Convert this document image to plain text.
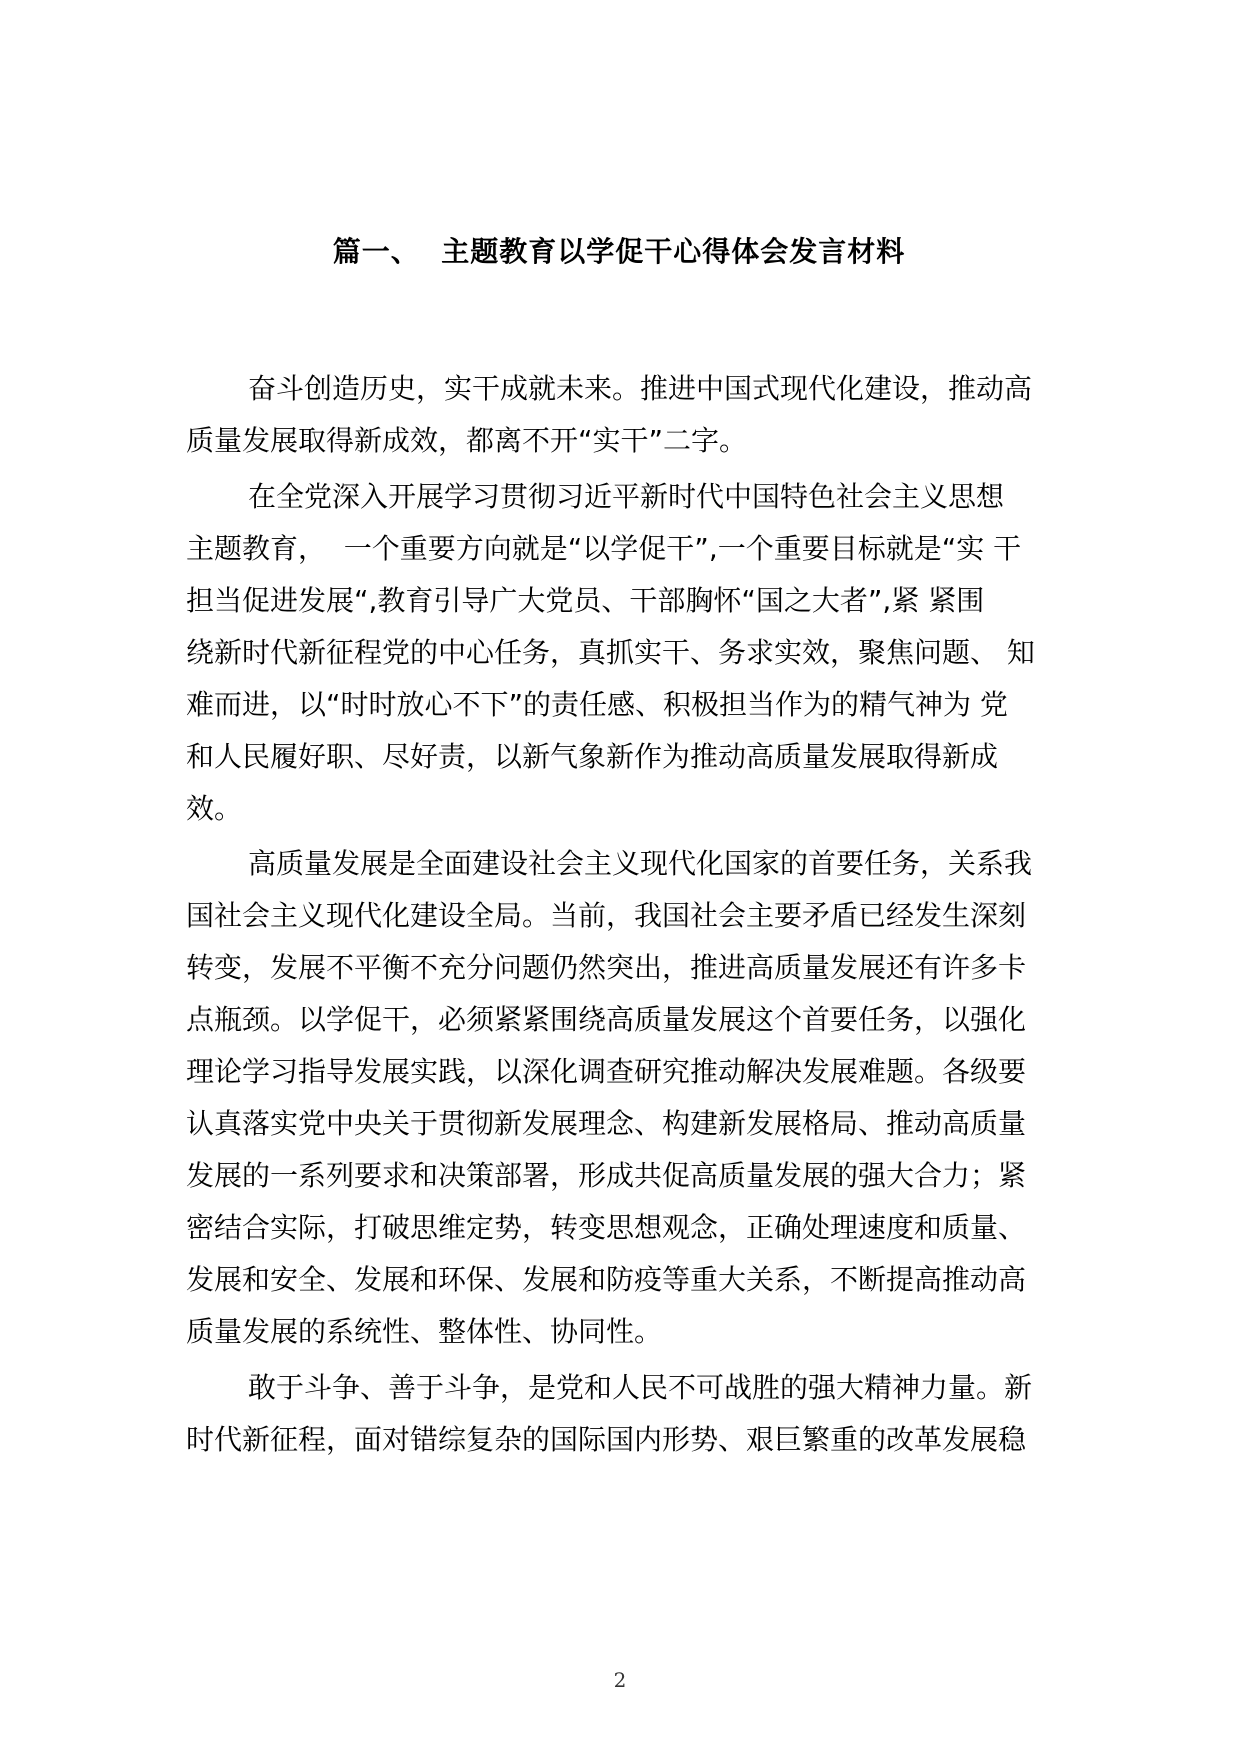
篇一、  主题教育以学促干心得体会发言材料
奋斗创造历史，实干成就未来。推进中国式现代化建设，推动高
质量发展取得新成效，都离不开“实干”二字。
在全党深入开展学习贯彻习近平新时代中国特色社会主义思想
主题教育，  一个重要方向就是“以学促干”,一个重要目标就是“实 干
担当促进发展“,教育引导广大党员、干部胸怀“国之大者”,紧 紧围
绕新时代新征程党的中心任务，真抓实干、务求实效，聚焦问题、 知
难而进，以“时时放心不下”的责任感、积极担当作为的精气神为 党
和人民履好职、尽好责，以新气象新作为推动高质量发展取得新成
效。
高质量发展是全面建设社会主义现代化国家的首要任务，关系我
国社会主义现代化建设全局。当前，我国社会主要矛盾已经发生深刻
转变，发展不平衡不充分问题仍然突出，推进高质量发展还有许多卡
点瓶颈。以学促干，必须紧紧围绕高质量发展这个首要任务，以强化
理论学习指导发展实践，以深化调查研究推动解决发展难题。各级要
认真落实党中央关于贯彻新发展理念、构建新发展格局、推动高质量
发展的一系列要求和决策部署，形成共促高质量发展的强大合力；紧
密结合实际，打破思维定势，转变思想观念，正确处理速度和质量、
发展和安全、发展和环保、发展和防疫等重大关系，不断提高推动高
质量发展的系统性、整体性、协同性。
敢于斗争、善于斗争，是党和人民不可战胜的强大精神力量。新
时代新征程，面对错综复杂的国际国内形势、艰巨繁重的改革发展稳
2
